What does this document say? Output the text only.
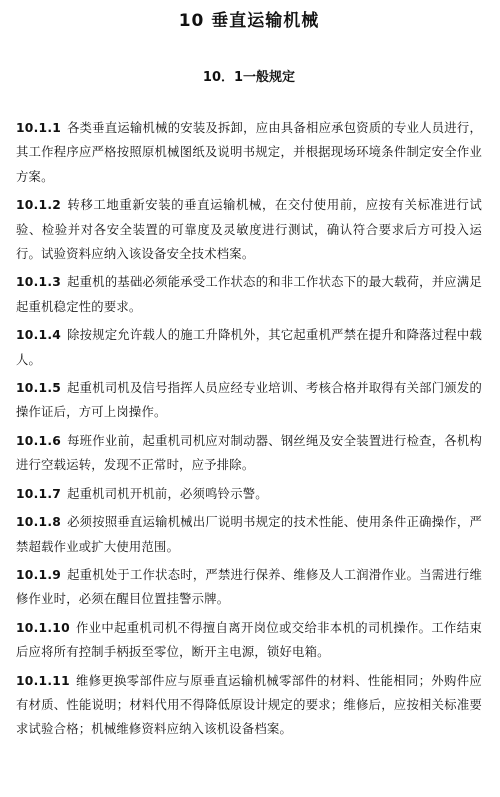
10 垂直运输机械
10．1一般规定

10.1.1 各类垂直运输机械的安装及拆卸，应由具备相应承包资质的专业人员进行，其工作程序应严格按照原机械图纸及说明书规定，并根据现场环境条件制定安全作业方案。

10.1.2 转移工地重新安装的垂直运输机械，在交付使用前，应按有关标准进行试验、检验并对各安全装置的可靠度及灵敏度进行测试，确认符合要求后方可投入运行。试验资料应纳入该设备安全技术档案。

10.1.3 起重机的基础必须能承受工作状态的和非工作状态下的最大载荷，并应满足起重机稳定性的要求。

10.1.4 除按规定允许载人的施工升降机外，其它起重机严禁在提升和降落过程中载人。

10.1.5 起重机司机及信号指挥人员应经专业培训、考核合格并取得有关部门颁发的操作证后，方可上岗操作。

10.1.6 每班作业前，起重机司机应对制动器、钢丝绳及安全装置进行检查，各机构进行空载运转，发现不正常时，应予排除。

10.1.7 起重机司机开机前，必须鸣铃示警。

10.1.8 必须按照垂直运输机械出厂说明书规定的技术性能、使用条件正确操作，严禁超载作业或扩大使用范围。

10.1.9 起重机处于工作状态时，严禁进行保养、维修及人工润滑作业。当需进行维修作业时，必须在醒目位置挂警示牌。

10.1.10 作业中起重机司机不得擅自离开岗位或交给非本机的司机操作。工作结束后应将所有控制手柄扳至零位，断开主电源，锁好电箱。

10.1.11 维修更换零部件应与原垂直运输机械零部件的材料、性能相同；外购件应有材质、性能说明；材料代用不得降低原设计规定的要求；维修后，应按相关标准要求试验合格；机械维修资料应纳入该机设备档案。
